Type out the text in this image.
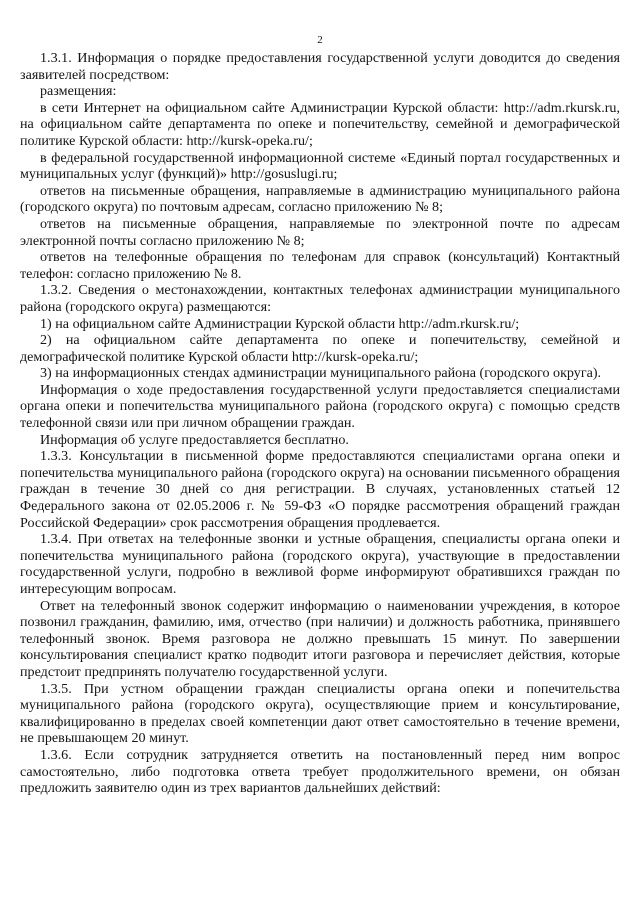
2

1.3.1. Информация о порядке предоставления государственной услуги доводится до сведения заявителей посредством:

размещения:

в сети Интернет на официальном сайте Администрации Курской области: http://adm.rkursk.ru, на официальном сайте департамента по опеке и попечительству, семейной и демографической политике Курской области: http://kursk-opeka.ru/;

в федеральной государственной информационной системе «Единый портал государственных и муниципальных услуг (функций)» http://gosuslugi.ru;

ответов на письменные обращения, направляемые в администрацию муниципального района (городского округа) по почтовым адресам, согласно приложению № 8;

ответов на письменные обращения, направляемые по электронной почте по адресам электронной почты согласно приложению № 8;

ответов на телефонные обращения по телефонам для справок (консультаций) Контактный телефон: согласно приложению № 8.

1.3.2. Сведения о местонахождении, контактных телефонах администрации муниципального района (городского округа) размещаются:

1) на официальном сайте Администрации Курской области http://adm.rkursk.ru/;

2) на официальном сайте департамента по опеке и попечительству, семейной и демографической политике Курской области http://kursk-opeka.ru/;

3) на информационных стендах администрации муниципального района (городского округа).

Информация о ходе предоставления государственной услуги предоставляется специалистами органа опеки и попечительства муниципального района (городского округа) с помощью средств телефонной связи или при личном обращении граждан.

Информация об услуге предоставляется бесплатно.

1.3.3. Консультации в письменной форме предоставляются специалистами органа опеки и попечительства муниципального района (городского округа) на основании письменного обращения граждан в течение 30 дней со дня регистрации. В случаях, установленных статьей 12 Федерального закона от 02.05.2006 г. № 59-ФЗ «О порядке рассмотрения обращений граждан Российской Федерации» срок рассмотрения обращения продлевается.

1.3.4. При ответах на телефонные звонки и устные обращения, специалисты органа опеки и попечительства муниципального района (городского округа), участвующие в предоставлении государственной услуги, подробно в вежливой форме информируют обратившихся граждан по интересующим вопросам.

Ответ на телефонный звонок содержит информацию о наименовании учреждения, в которое позвонил гражданин, фамилию, имя, отчество (при наличии) и должность работника, принявшего телефонный звонок. Время разговора не должно превышать 15 минут. По завершении консультирования специалист кратко подводит итоги разговора и перечисляет действия, которые предстоит предпринять получателю государственной услуги.

1.3.5. При устном обращении граждан специалисты органа опеки и попечительства муниципального района (городского округа), осуществляющие прием и консультирование, квалифицированно в пределах своей компетенции дают ответ самостоятельно в течение времени, не превышающем 20 минут.

1.3.6. Если сотрудник затрудняется ответить на постановленный перед ним вопрос самостоятельно, либо подготовка ответа требует продолжительного времени, он обязан предложить заявителю один из трех вариантов дальнейших действий:
